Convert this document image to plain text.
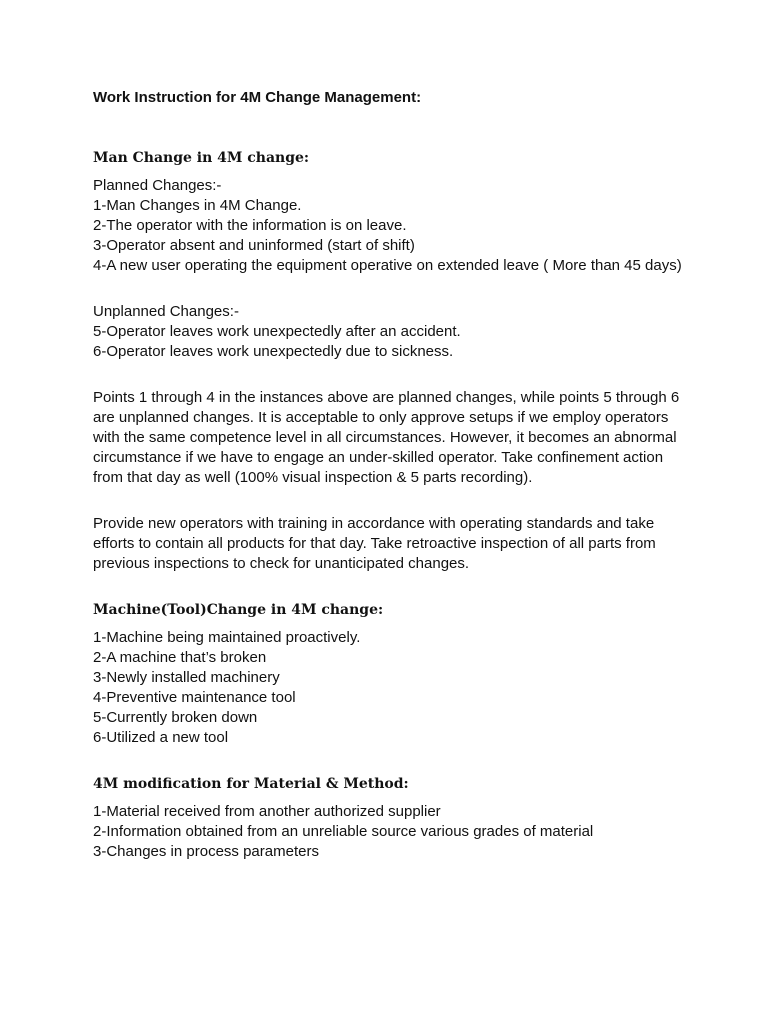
Work Instruction for 4M Change Management:
Man Change in 4M change:
Planned Changes:-
1-Man Changes in 4M Change.
2-The operator with the information is on leave.
3-Operator absent and uninformed (start of shift)
4-A new user operating the equipment operative on extended leave ( More than 45 days)
Unplanned Changes:-
5-Operator leaves work unexpectedly after an accident.
6-Operator leaves work unexpectedly due to sickness.

Points 1 through 4 in the instances above are planned changes, while points 5 through 6 are unplanned changes. It is acceptable to only approve setups if we employ operators with the same competence level in all circumstances. However, it becomes an abnormal circumstance if we have to engage an under-skilled operator. Take confinement action from that day as well (100% visual inspection & 5 parts recording).

Provide new operators with training in accordance with operating standards and take efforts to contain all products for that day. Take retroactive inspection of all parts from previous inspections to check for unanticipated changes.

Machine(Tool)Change in 4M change:
1-Machine being maintained proactively.
2-A machine that’s broken
3-Newly installed machinery
4-Preventive maintenance tool
5-Currently broken down
6-Utilized a new tool
4M modification for Material & Method:
1-Material received from another authorized supplier
2-Information obtained from an unreliable source various grades of material
3-Changes in process parameters
